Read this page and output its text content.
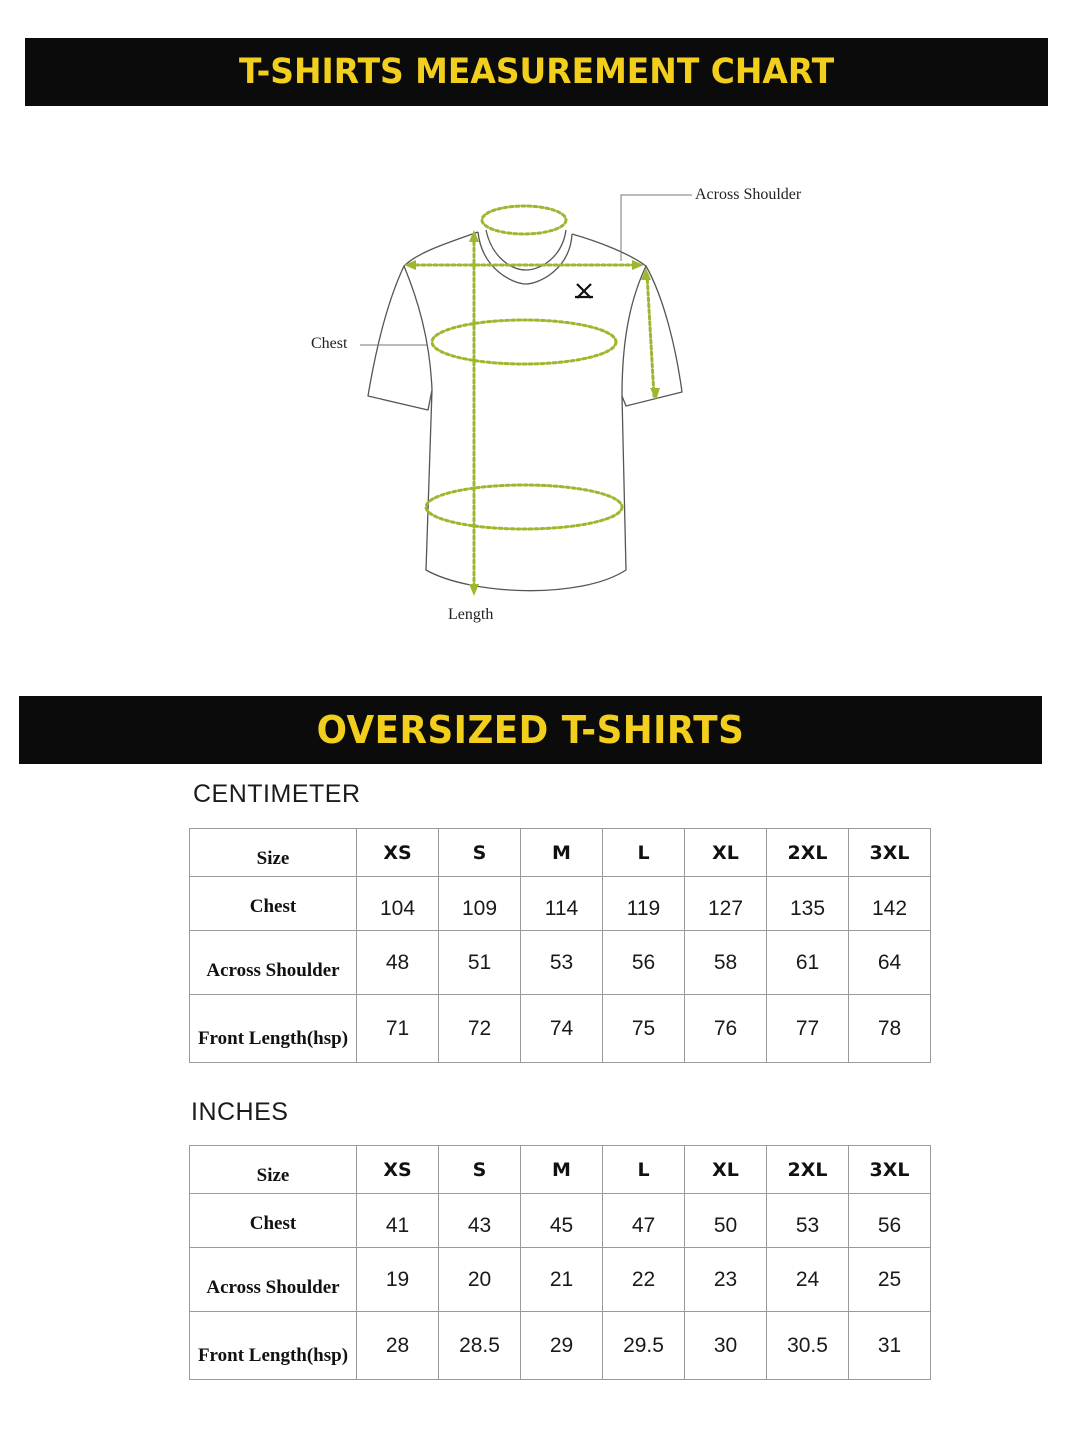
T-SHIRTS MEASUREMENT CHART
Across Shoulder
Chest
Length
OVERSIZED T-SHIRTS
CENTIMETER
Size	XS	S	M	L	XL	2XL	3XL
Chest	104	109	114	119	127	135	142
Across Shoulder	48	51	53	56	58	61	64
Front Length(hsp)	71	72	74	75	76	77	78
INCHES
Size	XS	S	M	L	XL	2XL	3XL
Chest	41	43	45	47	50	53	56
Across Shoulder	19	20	21	22	23	24	25
Front Length(hsp)	28	28.5	29	29.5	30	30.5	31
